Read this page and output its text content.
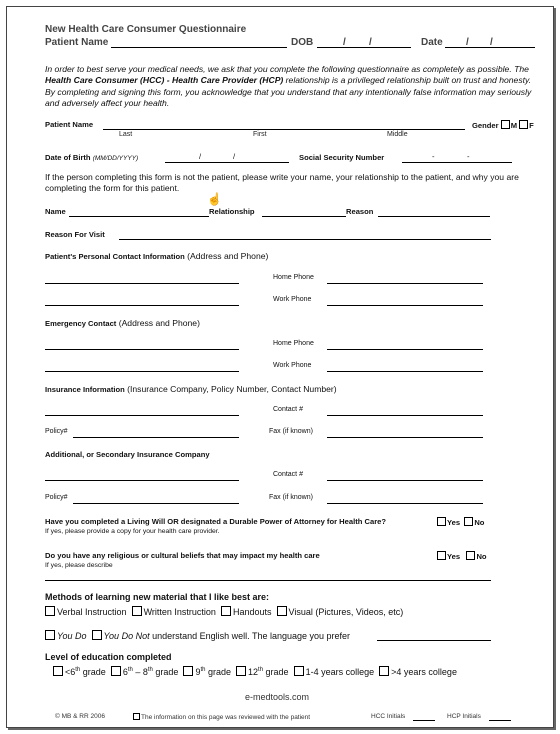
New Health Care Consumer Questionnaire
Patient Name	DOB	/ /	Date / /
In order to best serve your medical needs, we ask that you complete the following questionnaire as completely as possible. The Health Care Consumer (HCC) - Health Care Provider (HCP) relationship is a privileged relationship built on trust and honesty. By completing and signing this form, you acknowledge that you understand that any intentionally false information may seriously and adversely affect your health.
Patient Name	Gender M F
Last	First	Middle
Date of Birth (MM/DD/YYYY)	/	/	Social Security Number	-	-
If the person completing this form is not the patient, please write your name, your relationship to the patient, and why you are completing the form for this patient.
☝
Name	Relationship	Reason
Reason For Visit
Patient's Personal Contact Information (Address and Phone)
Home Phone
Work Phone
Emergency Contact (Address and Phone)
Home Phone
Work Phone
Insurance Information (Insurance Company, Policy Number, Contact Number)
Contact #
Policy#	Fax (if known)
Additional, or Secondary Insurance Company
Contact #
Policy#	Fax (if known)
Have you completed a Living Will OR designated a Durable Power of Attorney for Health Care?	Yes No
If yes, please provide a copy for your health care provider.
Do you have any religious or cultural beliefs that may impact my health care	Yes No
If yes, please describe
Methods of learning new material that I like best are:
Verbal Instruction Written Instruction Handouts Visual (Pictures, Videos, etc)
You Do You Do Not understand English well. The language you prefer
Level of education completed
<6th grade 6th – 8th grade 9th grade 12th grade 1-4 years college >4 years college
e-medtools.com
© MB & RR 2006	The information on this page was reviewed with the patient	HCC Initials	HCP Initials
